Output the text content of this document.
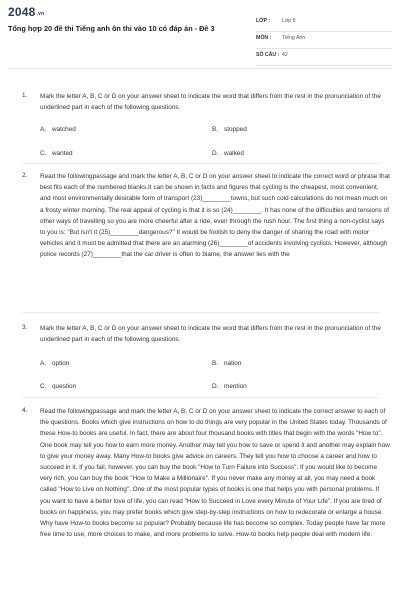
2048.vn
Tổng hợp 20 đề thi Tiếng anh ôn thi vào 10 có đáp án - Đề 3
LỚP : Lớp 9
MÔN : Tiếng Anh
SỐ CÂU : 42
1. Mark the letter A, B, C or D on your answer sheet to indicate the word that differs from the rest in the pronunciation of the underlined part in each of the following questions.
A. watched	B. stopped
C. wanted	D. walked
2. Read the followingpassage and mark the letter A, B, C or D on your answer sheet to indicate the correct word or phrase that best fits each of the numbered blanks.It can be shown in facts and figures that cycling is the cheapest, most convenient, and most environmentally desirable form of transport (23)________towns, but such cold calculations do not mean much on a frosty winter morning. The real appeal of cycling is that it is so (24)________. It has none of the difficulties and tensions of other ways of travelling so you are more cheerful after a ride, even through the rush hour. The first thing a non-cyclist says to you is: "But isn't it (25)________dangerous?" It would be foolish to deny the danger of sharing the road with motor vehicles and it must be admitted that there are an alarming (26)________of accidents involving cyclists. However, although police records (27)________that the car driver is often to blame, the answer lies with the
3. Mark the letter A, B, C or D on your answer sheet to indicate the word that differs from the rest in the pronunciation of the underlined part in each of the following questions.
A. option	B. nation
C. question	D. mention
4. Read the followingpassage and mark the letter A, B, C or D on your answer sheet to indicate the correct answer to each of the questions. Books which give instructions on how to do things are very popular in the United States today. Thousands of these How-to books are useful. In fact, there are about four thousand books with titles that begin with the words "How to". One book may tell you how to earn more money. Another may tell you how to save or spend it and another may explain how to give your money away. Many How-to books give advice on careers. They tell you how to choose a career and how to succeed in it. If you fail, however, you can buy the book "How to Turn Failure into Success". If you would like to become very rich, you can buy the book "How to Make a Millionaire". If you never make any money at all, you may need a book called "How to Live on Nothing". One of the most popular types of books is one that helps you with personal problems. If you want to have a better love of life, you can read "How to Succeed in Love every Minute of Your Life". If you are tired of books on happiness, you may prefer books which give step-by-step instructions on how to redecorate or enlarge a house. Why have How-to books become so popular? Probably because life has become so complex. Today people have far more free time to use, more choices to make, and more problems to solve. How-to books help people deal with modern life.
